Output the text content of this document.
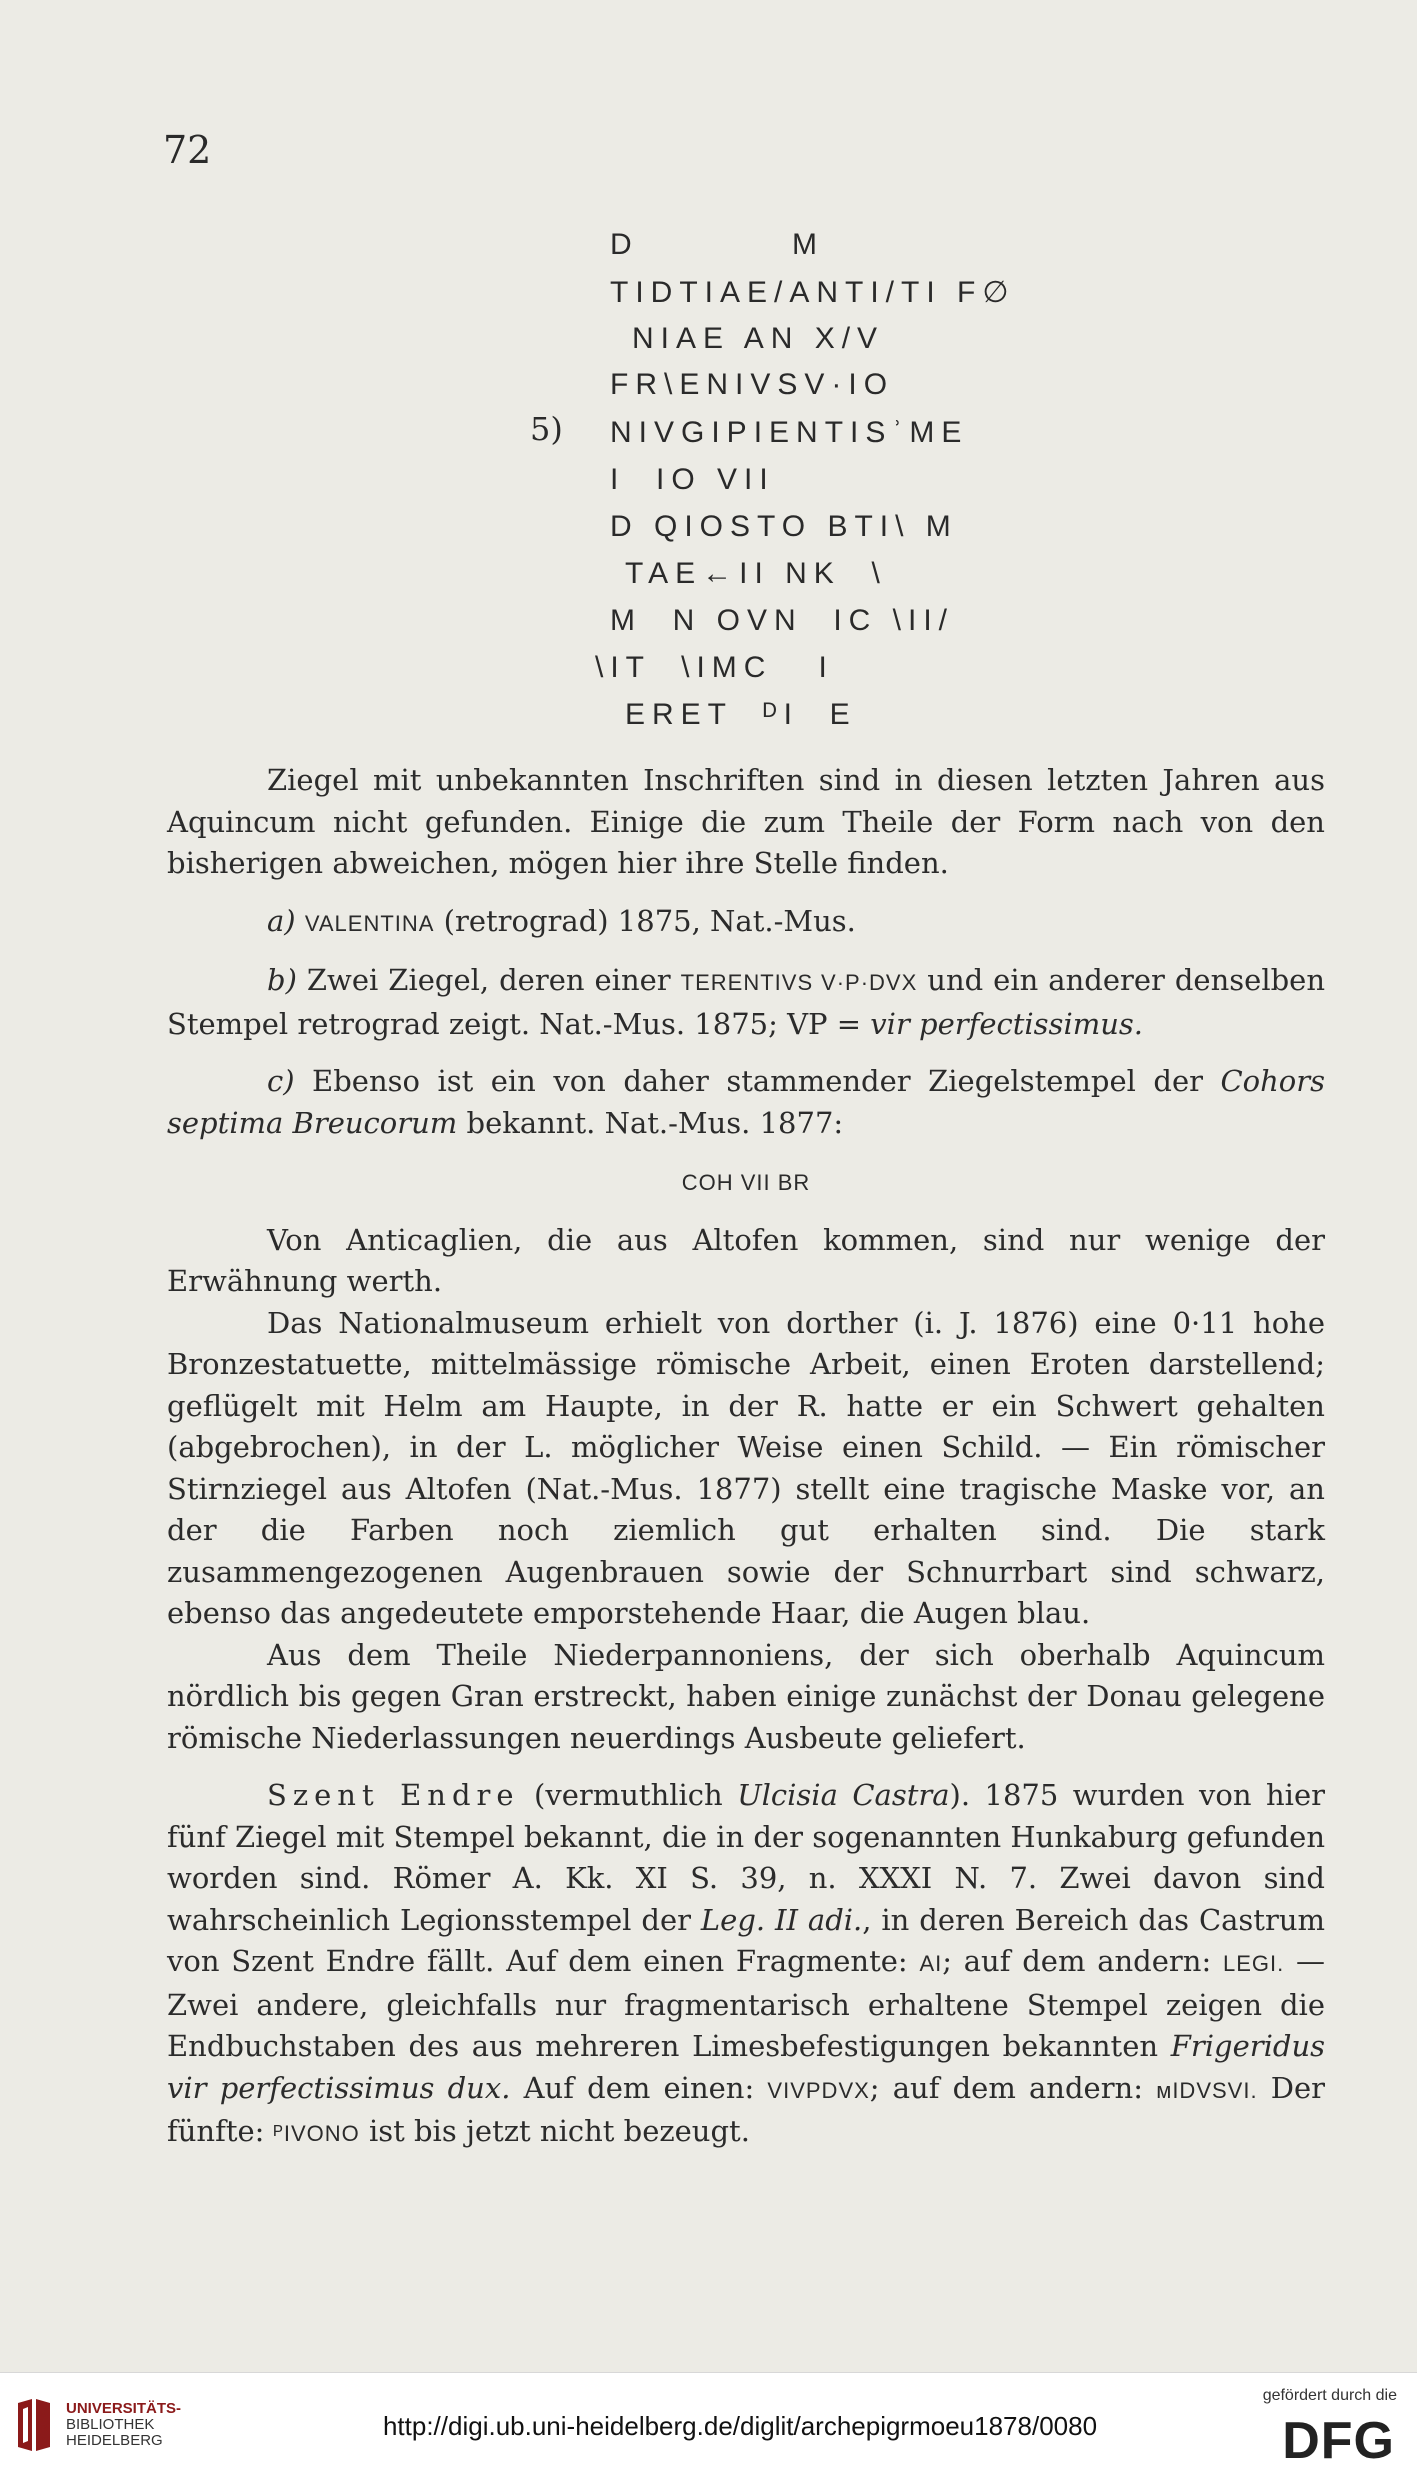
72
D          M
TIDTIAE/ANTI/TI F∅
NIAE AN X/V
FR\ENIVSV·IO
NIVGIPIENTISʾME
I  IO VII
D QIOSTO BTI\ M
TAE←II NK  \
M  N OVN  IC \II/
\IT  \IMC   I
ERET  ᴰI  E
5)

Ziegel mit unbekannten Inschriften sind in diesen letzten Jahren aus Aquincum nicht gefunden. Einige die zum Theile der Form nach von den bisherigen abweichen, mögen hier ihre Stelle finden.

a) VALENTINA (retrograd) 1875, Nat.-Mus.

b) Zwei Ziegel, deren einer TERENTIVS V·P·DVX und ein anderer denselben Stempel retrograd zeigt. Nat.-Mus. 1875; VP = vir perfectissimus.

c) Ebenso ist ein von daher stammender Ziegelstempel der Cohors septima Breucorum bekannt. Nat.-Mus. 1877:

COH VII BR

Von Anticaglien, die aus Altofen kommen, sind nur wenige der Erwähnung werth.

Das Nationalmuseum erhielt von dorther (i. J. 1876) eine 0·11 hohe Bronzestatuette, mittelmässige römische Arbeit, einen Eroten darstellend; geflügelt mit Helm am Haupte, in der R. hatte er ein Schwert gehalten (abgebrochen), in der L. möglicher Weise einen Schild. — Ein römischer Stirnziegel aus Altofen (Nat.-Mus. 1877) stellt eine tragische Maske vor, an der die Farben noch ziemlich gut erhalten sind. Die stark zusammengezogenen Augenbrauen sowie der Schnurrbart sind schwarz, ebenso das angedeutete emporstehende Haar, die Augen blau.

Aus dem Theile Niederpannoniens, der sich oberhalb Aquincum nördlich bis gegen Gran erstreckt, haben einige zunächst der Donau gelegene römische Niederlassungen neuerdings Ausbeute geliefert.

Szent Endre (vermuthlich Ulcisia Castra). 1875 wurden von hier fünf Ziegel mit Stempel bekannt, die in der sogenannten Hunkaburg gefunden worden sind. Römer A. Kk. XI S. 39, n. XXXI N. 7. Zwei davon sind wahrscheinlich Legionsstempel der Leg. II adi., in deren Bereich das Castrum von Szent Endre fällt. Auf dem einen Fragmente: AI; auf dem andern: LEGI. — Zwei andere, gleichfalls nur fragmentarisch erhaltene Stempel zeigen die Endbuchstaben des aus mehreren Limesbefestigungen bekannten Frigeridus vir perfectissimus dux. Auf dem einen: VIVPDVX; auf dem andern: ᴍIDVSVI. Der fünfte: ᴾIVONO ist bis jetzt nicht bezeugt.

UNIVERSITÄTS-
BIBLIOTHEK
HEIDELBERG	http://digi.ub.uni-heidelberg.de/diglit/archepigrmoeu1878/0080
gefördert durch die
DFG
